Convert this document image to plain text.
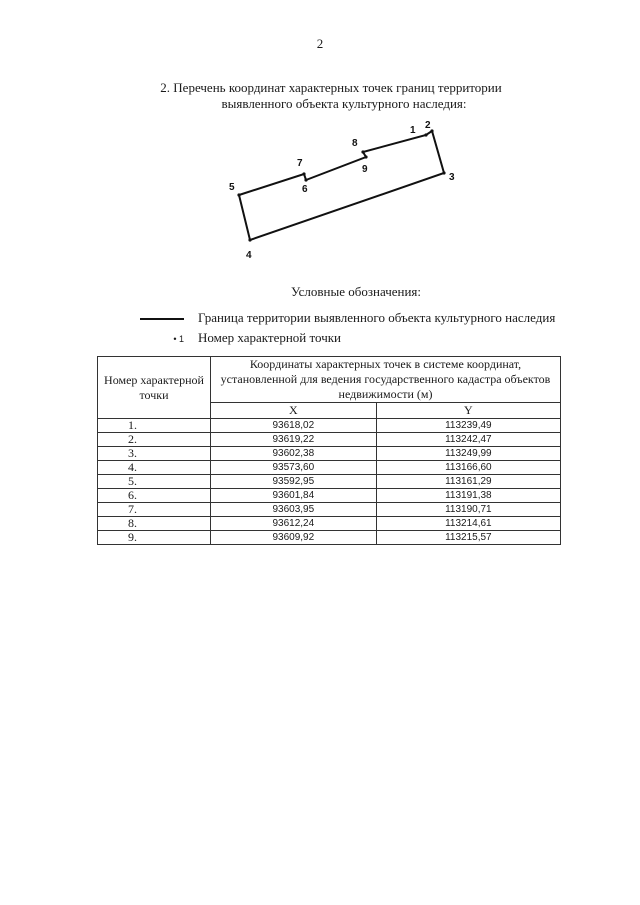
2
2. Перечень координат характерных точек границ территории
выявленного объекта культурного наследия:
1 2
3
4
5	6
7
8
9
Условные обозначения:
Граница территории выявленного объекта культурного наследия
• 1 Номер характерной точки
Номер характерной точки	Координаты характерных точек в системе координат, установленной для ведения государственного кадастра объектов недвижимости (м)	
	X	Y
1.	93618,02	113239,49
2.	93619,22	113242,47
3.	93602,38	113249,99
4.	93573,60	113166,60
5.	93592,95	113161,29
6.	93601,84	113191,38
7.	93603,95	113190,71
8.	93612,24	113214,61
9.	93609,92	113215,57
